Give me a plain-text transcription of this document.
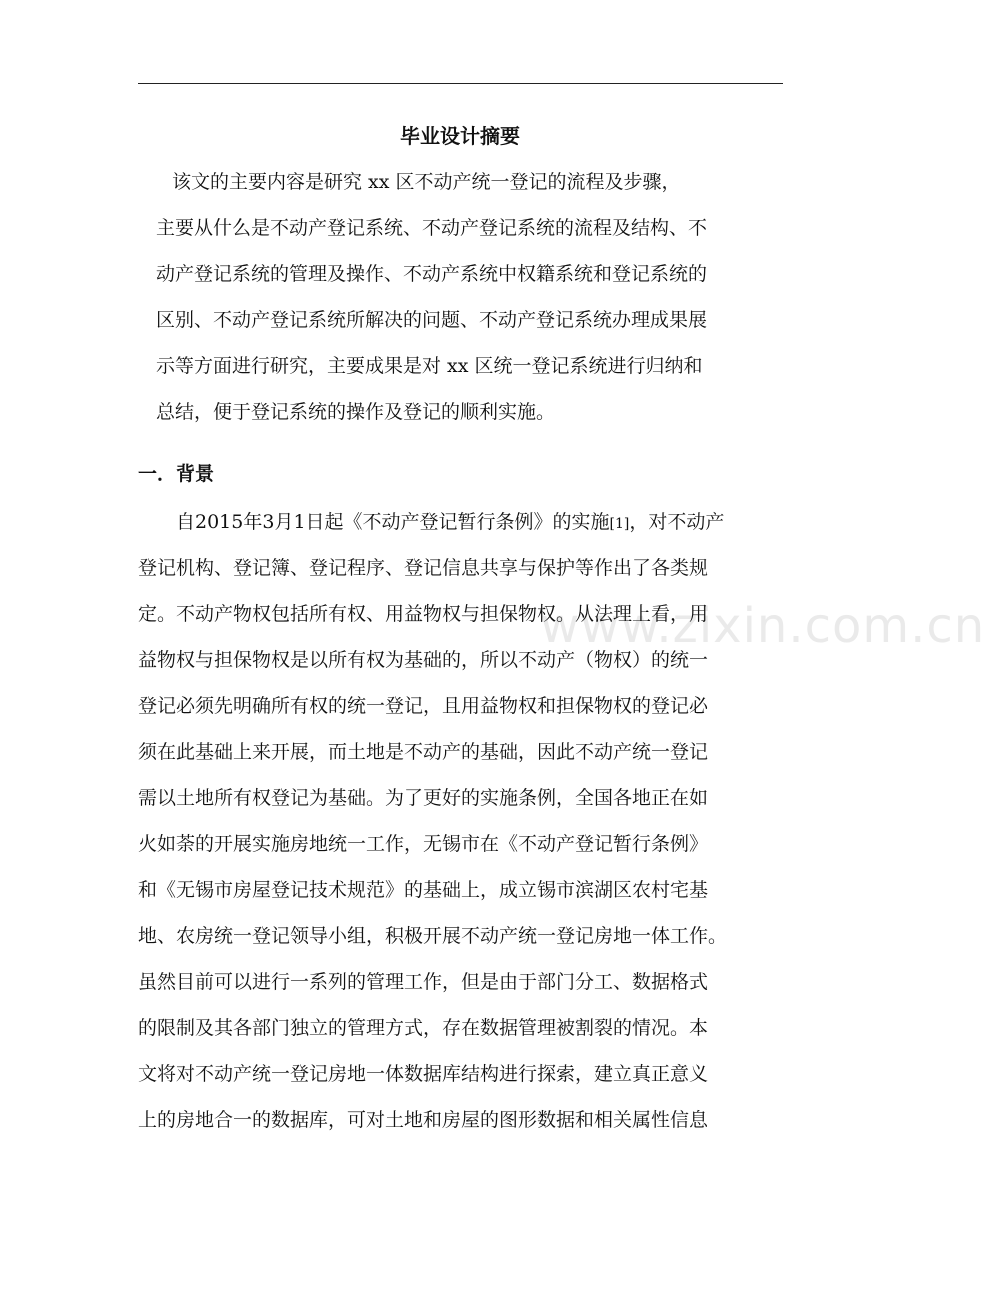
www.zixin.com.cn
毕业设计摘要
该文的主要内容是研究 xx 区不动产统一登记的流程及步骤，
主要从什么是不动产登记系统、不动产登记系统的流程及结构、不
动产登记系统的管理及操作、不动产系统中权籍系统和登记系统的
区别、不动产登记系统所解决的问题、不动产登记系统办理成果展
示等方面进行研究，主要成果是对 xx 区统一登记系统进行归纳和
总结，便于登记系统的操作及登记的顺利实施。
一．背景
自2015年3月1日起《不动产登记暂行条例》的实施[1]，对不动产
登记机构、登记簿、登记程序、登记信息共享与保护等作出了各类规
定。不动产物权包括所有权、用益物权与担保物权。从法理上看，用
益物权与担保物权是以所有权为基础的，所以不动产（物权）的统一
登记必须先明确所有权的统一登记，且用益物权和担保物权的登记必
须在此基础上来开展，而土地是不动产的基础，因此不动产统一登记
需以土地所有权登记为基础。为了更好的实施条例，全国各地正在如
火如荼的开展实施房地统一工作，无锡市在《不动产登记暂行条例》
和《无锡市房屋登记技术规范》的基础上，成立锡市滨湖区农村宅基
地、农房统一登记领导小组，积极开展不动产统一登记房地一体工作。
虽然目前可以进行一系列的管理工作，但是由于部门分工、数据格式
的限制及其各部门独立的管理方式，存在数据管理被割裂的情况。本
文将对不动产统一登记房地一体数据库结构进行探索，建立真正意义
上的房地合一的数据库，可对土地和房屋的图形数据和相关属性信息
